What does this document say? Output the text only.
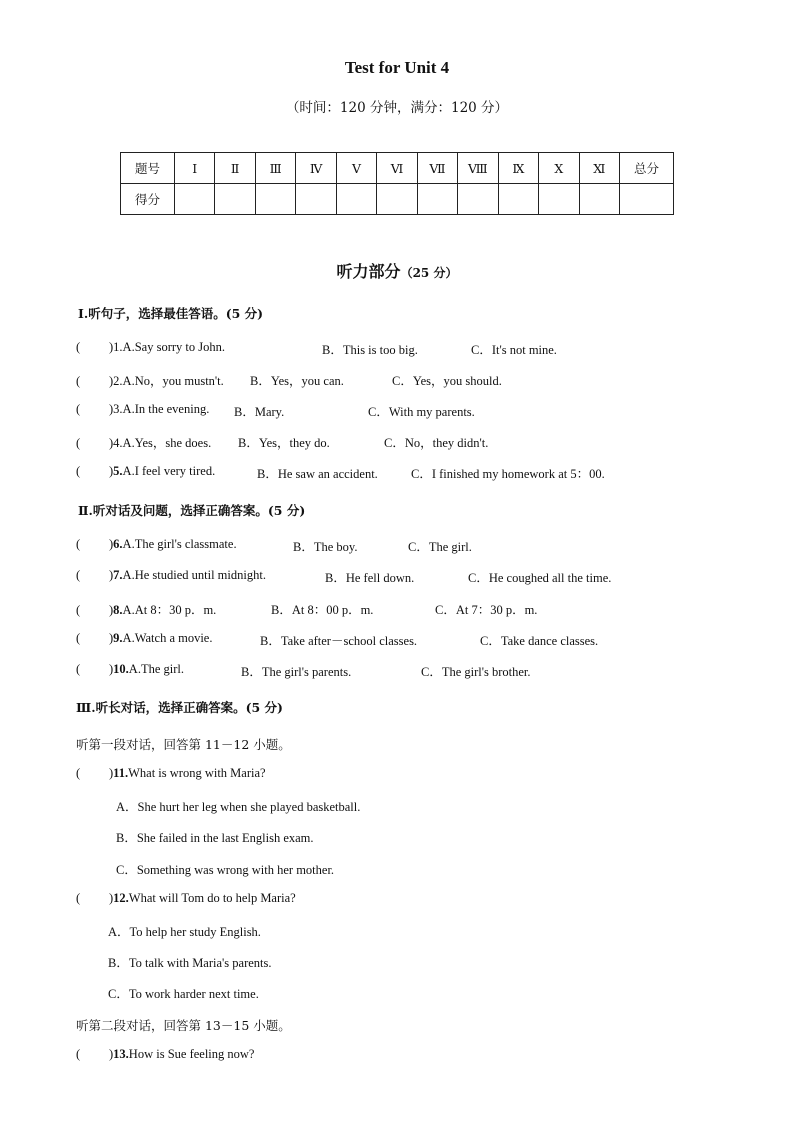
Test for Unit 4
（时间：120 分钟，满分：120 分）
题号	Ⅰ	Ⅱ	Ⅲ	Ⅳ	Ⅴ	Ⅵ	Ⅶ	Ⅷ	Ⅸ	Ⅹ	Ⅺ	总分
得分												
听力部分（25 分）
Ⅰ.听句子，选择最佳答语。(5 分)
( )1.A.Say sorry to John.	B．This is too big.	C．It's not mine.
( )2.A.No，you mustn't. B．Yes，you can.	C．Yes，you should.
( )3.A.In the evening. B．Mary.	C．With my parents.
( )4.A.Yes，she does. B．Yes，they do.	C．No，they didn't.
( )5.A.I feel very tired.	B．He saw an accident.	C．I finished my homework at 5：00.
Ⅱ.听对话及问题，选择正确答案。(5 分)
( )6.A.The girl's classmate.	B．The boy.	C．The girl.
( )7.A.He studied until midnight.	B．He fell down.	C．He coughed all the time.
( )8.A.At 8：30 p．m.	B．At 8：00 p．m.	C．At 7：30 p．m.
( )9.A.Watch a movie.	B．Take after－school classes.	C．Take dance classes.
( )10.A.The girl.	B．The girl's parents.	C．The girl's brother.
Ⅲ.听长对话，选择正确答案。(5 分)
听第一段对话，回答第 11－12 小题。
( )11.What is wrong with Maria?
A．She hurt her leg when she played basketball.
B．She failed in the last English exam.
C．Something was wrong with her mother.
( )12.What will Tom do to help Maria?
A．To help her study English.
B．To talk with Maria's parents.
C．To work harder next time.
听第二段对话，回答第 13－15 小题。
( )13.How is Sue feeling now?
